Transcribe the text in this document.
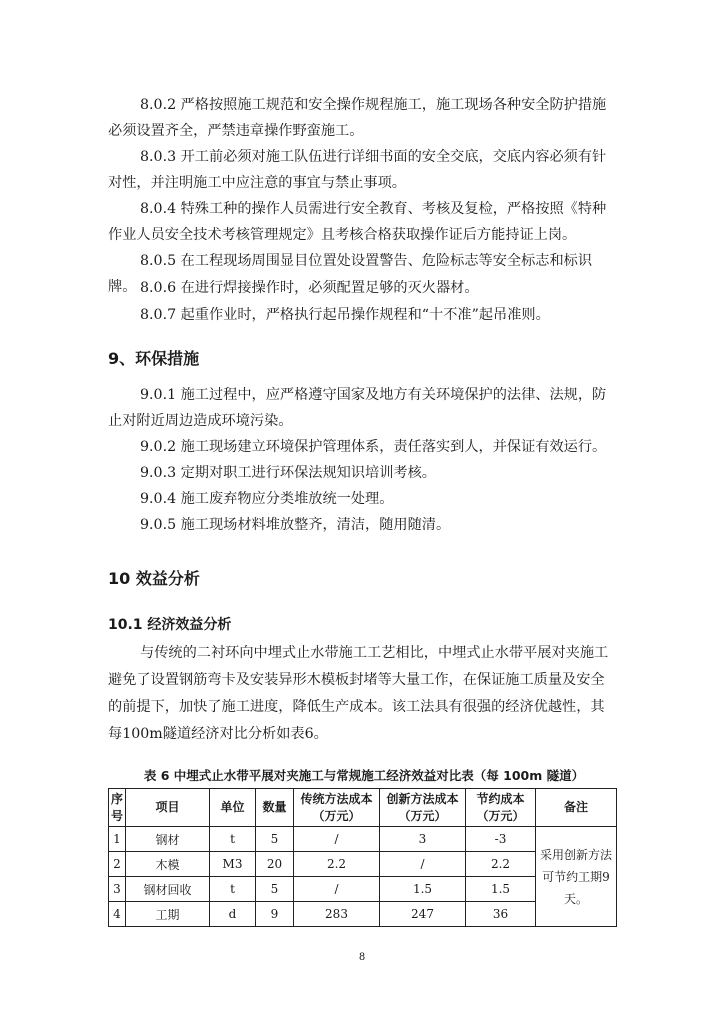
8.0.2 严格按照施工规范和安全操作规程施工，施工现场各种安全防护措施必须设置齐全，严禁违章操作野蛮施工。

8.0.3 开工前必须对施工队伍进行详细书面的安全交底，交底内容必须有针对性，并注明施工中应注意的事宜与禁止事项。

8.0.4 特殊工种的操作人员需进行安全教育、考核及复检，严格按照《特种作业人员安全技术考核管理规定》且考核合格获取操作证后方能持证上岗。

8.0.5 在工程现场周围显目位置处设置警告、危险标志等安全标志和标识牌。 8.0.6 在进行焊接操作时，必须配置足够的灭火器材。

8.0.7 起重作业时，严格执行起吊操作规程和“十不准”起吊准则。

9、环保措施

9.0.1 施工过程中，应严格遵守国家及地方有关环境保护的法律、法规，防止对附近周边造成环境污染。

9.0.2 施工现场建立环境保护管理体系，责任落实到人，并保证有效运行。

9.0.3 定期对职工进行环保法规知识培训考核。

9.0.4 施工废弃物应分类堆放统一处理。

9.0.5 施工现场材料堆放整齐，清洁，随用随清。

10 效益分析

10.1 经济效益分析

与传统的二衬环向中埋式止水带施工工艺相比，中埋式止水带平展对夹施工避免了设置钢筋弯卡及安装异形木模板封堵等大量工作，在保证施工质量及安全的前提下，加快了施工进度，降低生产成本。该工法具有很强的经济优越性，其每100m隧道经济对比分析如表6。

表 6 中埋式止水带平展对夹施工与常规施工经济效益对比表（每 100m 隧道）

序号	项目	单位	数量	传统方法成本（万元）	创新方法成本（万元）	节约成本（万元）	备注
1	钢材	t	5	/	3	-3	采用创新方法可节约工期9天。
2	木模	M3	20	2.2	/	2.2	
3	钢材回收	t	5	/	1.5	1.5	
4	工期	d	9	283	247	36	

8
